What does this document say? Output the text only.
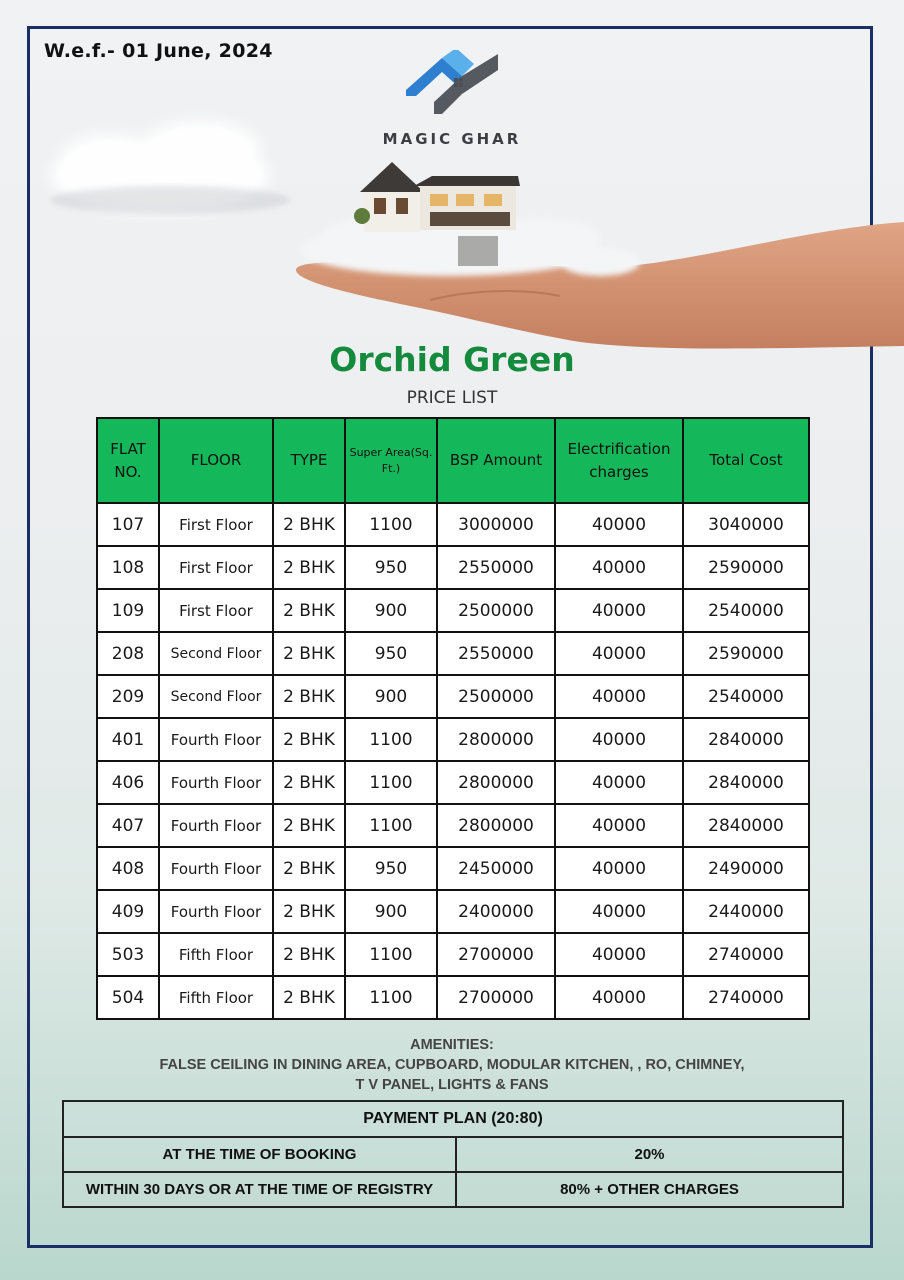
W.e.f.- 01 June, 2024
MAGIC GHAR
Orchid Green
PRICE LIST
FLAT NO.	FLOOR	TYPE	Super Area(Sq. Ft.)	BSP Amount	Electrification charges	Total Cost
107	First Floor	2 BHK	1100	3000000	40000	3040000
108	First Floor	2 BHK	950	2550000	40000	2590000
109	First Floor	2 BHK	900	2500000	40000	2540000
208	Second Floor	2 BHK	950	2550000	40000	2590000
209	Second Floor	2 BHK	900	2500000	40000	2540000
401	Fourth Floor	2 BHK	1100	2800000	40000	2840000
406	Fourth Floor	2 BHK	1100	2800000	40000	2840000
407	Fourth Floor	2 BHK	1100	2800000	40000	2840000
408	Fourth Floor	2 BHK	950	2450000	40000	2490000
409	Fourth Floor	2 BHK	900	2400000	40000	2440000
503	Fifth Floor	2 BHK	1100	2700000	40000	2740000
504	Fifth Floor	2 BHK	1100	2700000	40000	2740000
AMENITIES:
FALSE CEILING IN DINING AREA, CUPBOARD, MODULAR KITCHEN, , RO, CHIMNEY,
T V PANEL, LIGHTS & FANS
PAYMENT PLAN (20:80)	
AT THE TIME OF BOOKING	20%
WITHIN 30 DAYS OR AT THE TIME OF REGISTRY	80% + OTHER CHARGES
